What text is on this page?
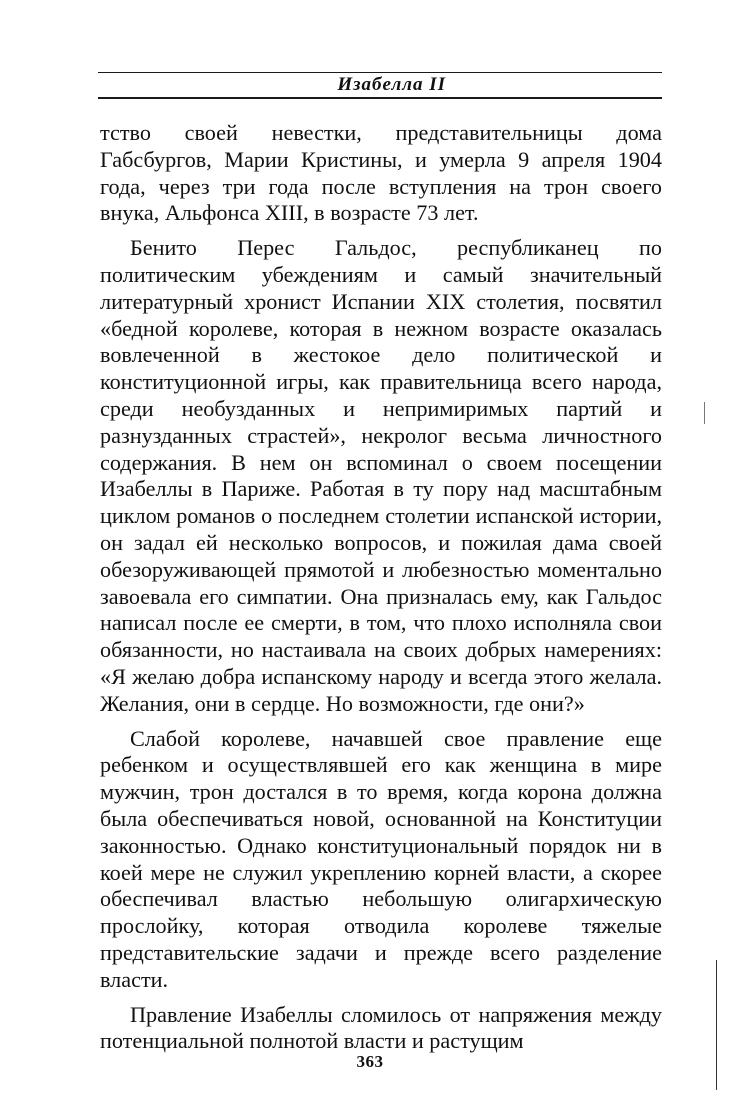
Изабелла II

тство своей невестки, представительницы дома Габсбургов, Марии Кристины, и умерла 9 апреля 1904 года, через три года после вступления на трон своего внука, Альфонса XIII, в возрасте 73 лет.

Бенито Перес Гальдос, республиканец по политическим убеждениям и самый значительный литературный хронист Испании XIX столетия, посвятил «бедной королеве, которая в нежном возрасте оказалась вовлеченной в жестокое дело политической и конституционной игры, как правительница всего народа, среди необузданных и непримиримых партий и разнузданных страстей», некролог весьма личностного содержания. В нем он вспоминал о своем посещении Изабеллы в Париже. Работая в ту пору над масштабным циклом романов о последнем столетии испанской истории, он задал ей несколько вопросов, и пожилая дама своей обезоруживающей прямотой и любезностью моментально завоевала его симпатии. Она призналась ему, как Гальдос написал после ее смерти, в том, что плохо исполняла свои обязанности, но настаивала на своих добрых намерениях: «Я желаю добра испанскому народу и всегда этого желала. Желания, они в сердце. Но возможности, где они?»

Слабой королеве, начавшей свое правление еще ребенком и осуществлявшей его как женщина в мире мужчин, трон достался в то время, когда корона должна была обеспечиваться новой, основанной на Конституции законностью. Однако конституциональный порядок ни в коей мере не служил укреплению корней власти, а скорее обеспечивал властью небольшую олигархическую прослойку, которая отводила королеве тяжелые представительские задачи и прежде всего разделение власти.

Правление Изабеллы сломилось от напряжения между потенциальной полнотой власти и растущим

363
